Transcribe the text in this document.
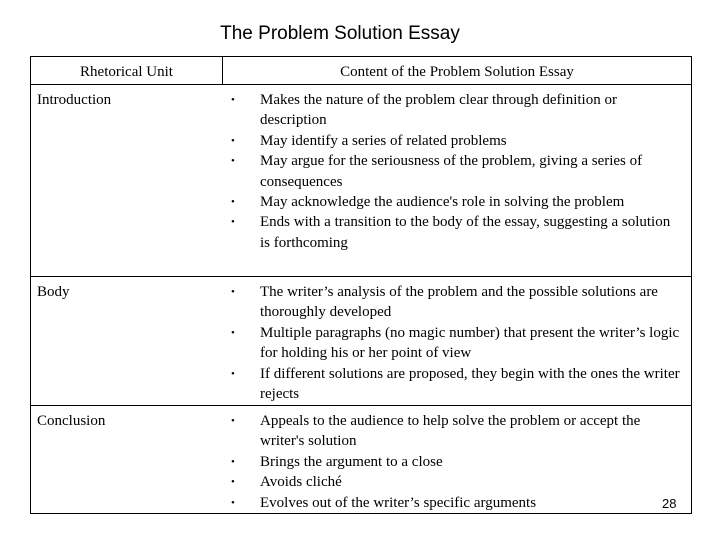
The Problem Solution Essay
Rhetorical Unit	Content of the Problem Solution Essay
Introduction	• Makes the nature of the problem clear through definition or description
• May identify a series of related problems
• May argue for the seriousness of the problem, giving a series of consequences
• May acknowledge the audience's role in solving the problem
• Ends with a transition to the body of the essay, suggesting a solution is forthcoming
Body	• The writer’s analysis of the problem and the possible solutions are thoroughly developed
• Multiple paragraphs (no magic number) that present the writer’s logic for holding his or her point of view
• If different solutions are proposed, they begin with the ones the writer rejects
Conclusion	• Appeals to the audience to help solve the problem or accept the writer's solution
• Brings the argument to a close
• Avoids cliché
• Evolves out of the writer’s specific arguments	28
